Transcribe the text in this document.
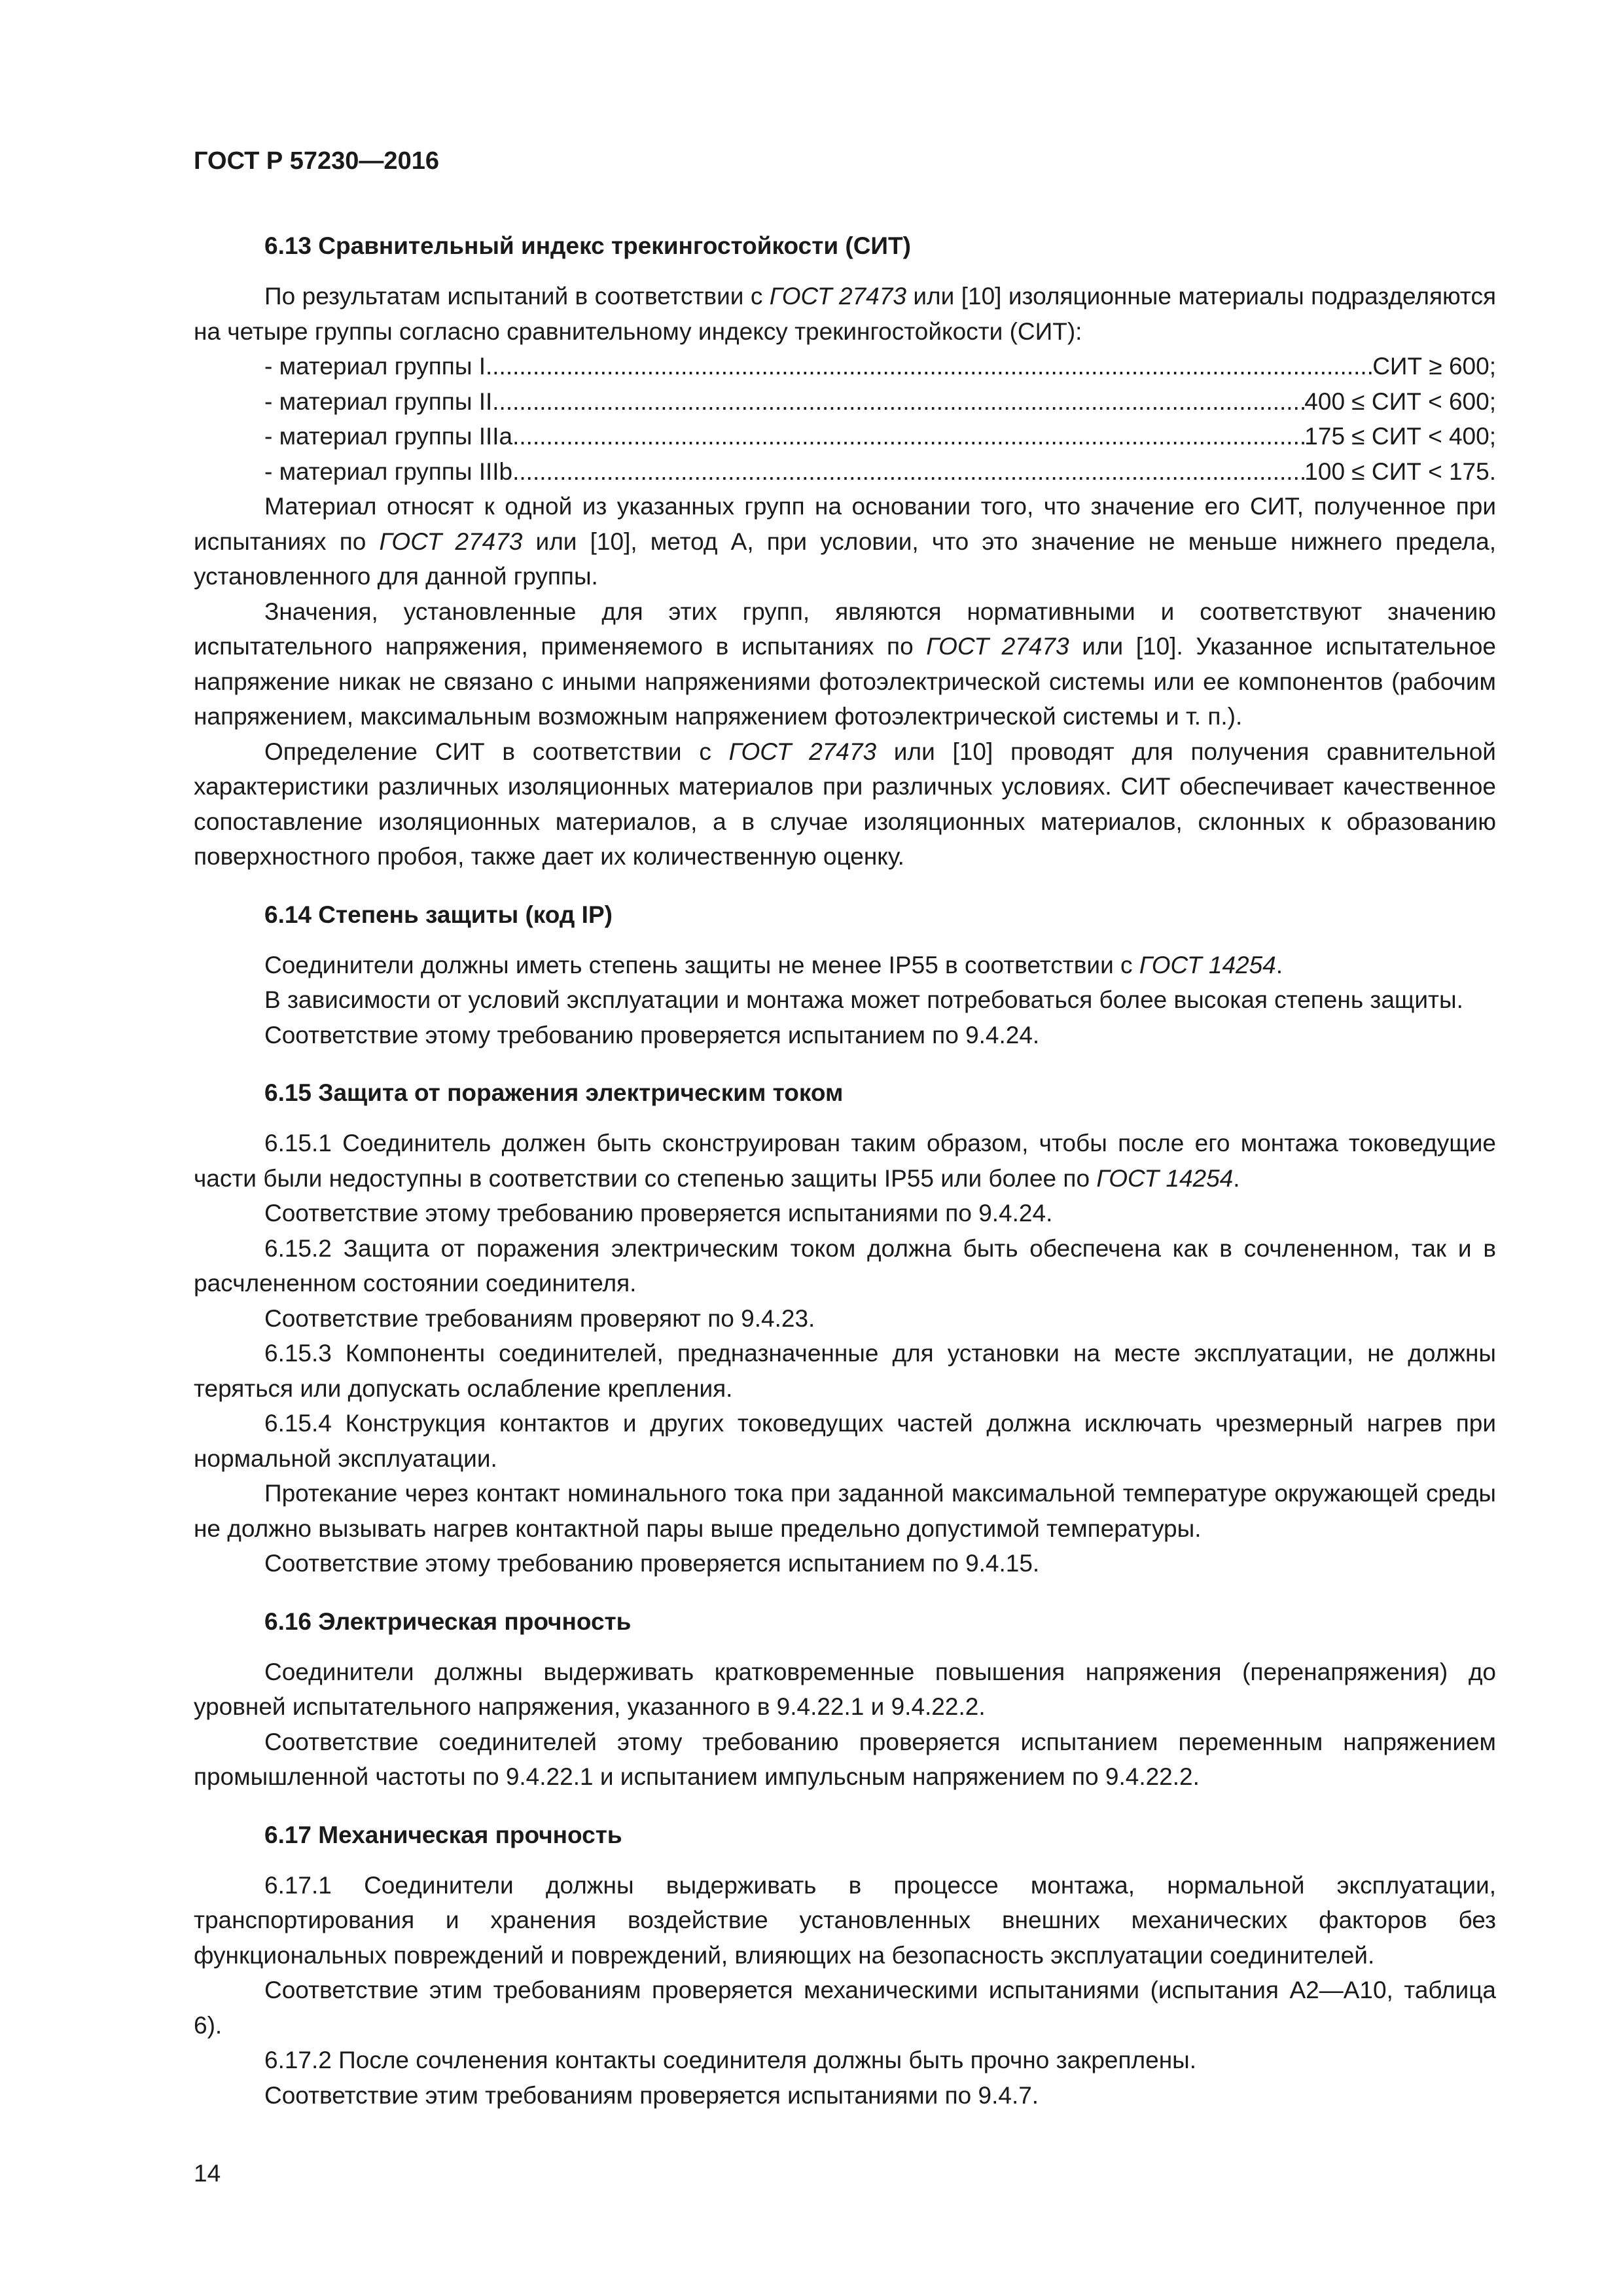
ГОСТ Р 57230—2016
6.13 Сравнительный индекс трекингостойкости (СИТ)

По результатам испытаний в соответствии с ГОСТ 27473 или [10] изоляционные материалы подразделяются на четыре группы согласно сравнительному индексу трекингостойкости (СИТ):

- материал группы I .....	СИТ ≥ 600;
- материал группы II .....	400 ≤ СИТ < 600;
- материал группы IIIa .....	175 ≤ СИТ < 400;
- материал группы IIIb .....	100 ≤ СИТ < 175.

Материал относят к одной из указанных групп на основании того, что значение его СИТ, полученное при испытаниях по ГОСТ 27473 или [10], метод А, при условии, что это значение не меньше нижнего предела, установленного для данной группы.

Значения, установленные для этих групп, являются нормативными и соответствуют значению испытательного напряжения, применяемого в испытаниях по ГОСТ 27473 или [10]. Указанное испытательное напряжение никак не связано с иными напряжениями фотоэлектрической системы или ее компонентов (рабочим напряжением, максимальным возможным напряжением фотоэлектрической системы и т. п.).

Определение СИТ в соответствии с ГОСТ 27473 или [10] проводят для получения сравнительной характеристики различных изоляционных материалов при различных условиях. СИТ обеспечивает качественное сопоставление изоляционных материалов, а в случае изоляционных материалов, склонных к образованию поверхностного пробоя, также дает их количественную оценку.

6.14 Степень защиты (код IP)

Соединители должны иметь степень защиты не менее IP55 в соответствии с ГОСТ 14254.

В зависимости от условий эксплуатации и монтажа может потребоваться более высокая степень защиты.

Соответствие этому требованию проверяется испытанием по 9.4.24.

6.15 Защита от поражения электрическим током

6.15.1 Соединитель должен быть сконструирован таким образом, чтобы после его монтажа токоведущие части были недоступны в соответствии со степенью защиты IP55 или более по ГОСТ 14254.

Соответствие этому требованию проверяется испытаниями по 9.4.24.

6.15.2 Защита от поражения электрическим током должна быть обеспечена как в сочлененном, так и в расчлененном состоянии соединителя.

Соответствие требованиям проверяют по 9.4.23.

6.15.3 Компоненты соединителей, предназначенные для установки на месте эксплуатации, не должны теряться или допускать ослабление крепления.

6.15.4 Конструкция контактов и других токоведущих частей должна исключать чрезмерный нагрев при нормальной эксплуатации.

Протекание через контакт номинального тока при заданной максимальной температуре окружающей среды не должно вызывать нагрев контактной пары выше предельно допустимой температуры.

Соответствие этому требованию проверяется испытанием по 9.4.15.

6.16 Электрическая прочность

Соединители должны выдерживать кратковременные повышения напряжения (перенапряжения) до уровней испытательного напряжения, указанного в 9.4.22.1 и 9.4.22.2.

Соответствие соединителей этому требованию проверяется испытанием переменным напряжением промышленной частоты по 9.4.22.1 и испытанием импульсным напряжением по 9.4.22.2.

6.17 Механическая прочность

6.17.1 Соединители должны выдерживать в процессе монтажа, нормальной эксплуатации, транспортирования и хранения воздействие установленных внешних механических факторов без функциональных повреждений и повреждений, влияющих на безопасность эксплуатации соединителей.

Соответствие этим требованиям проверяется механическими испытаниями (испытания А2—А10, таблица 6).

6.17.2 После сочленения контакты соединителя должны быть прочно закреплены.

Соответствие этим требованиям проверяется испытаниями по 9.4.7.

14
